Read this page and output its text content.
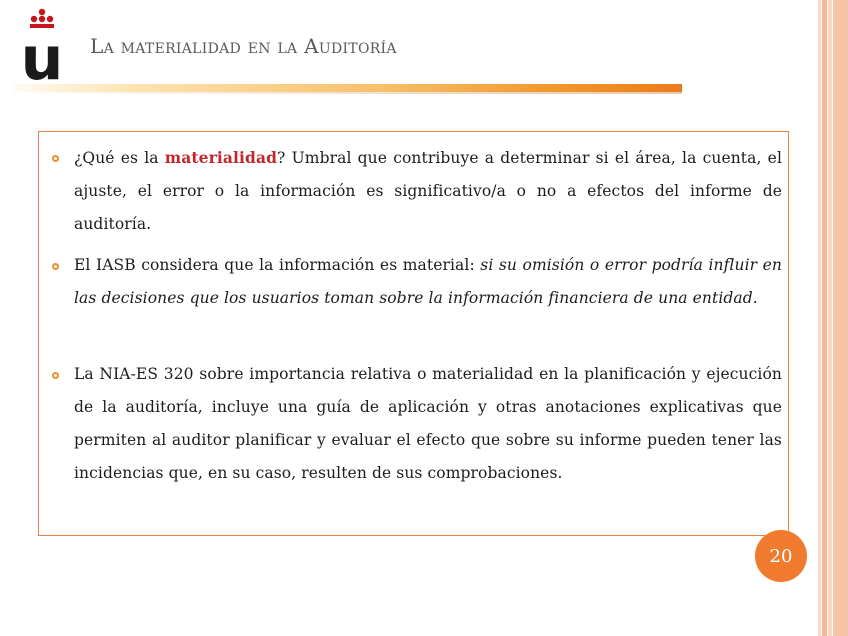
u La materialidad en la Auditoría
¿Qué es la materialidad? Umbral que contribuye a determinar si el área, la cuenta, el ajuste, el error o la información es significativo/a o no a efectos del informe de auditoría.
El IASB considera que la información es material: si su omisión o error podría influir en las decisiones que los usuarios toman sobre la información financiera de una entidad.
La NIA-ES 320 sobre importancia relativa o materialidad en la planificación y ejecución de la auditoría, incluye una guía de aplicación y otras anotaciones explicativas que permiten al auditor planificar y evaluar el efecto que sobre su informe pueden tener las incidencias que, en su caso, resulten de sus comprobaciones.
20
